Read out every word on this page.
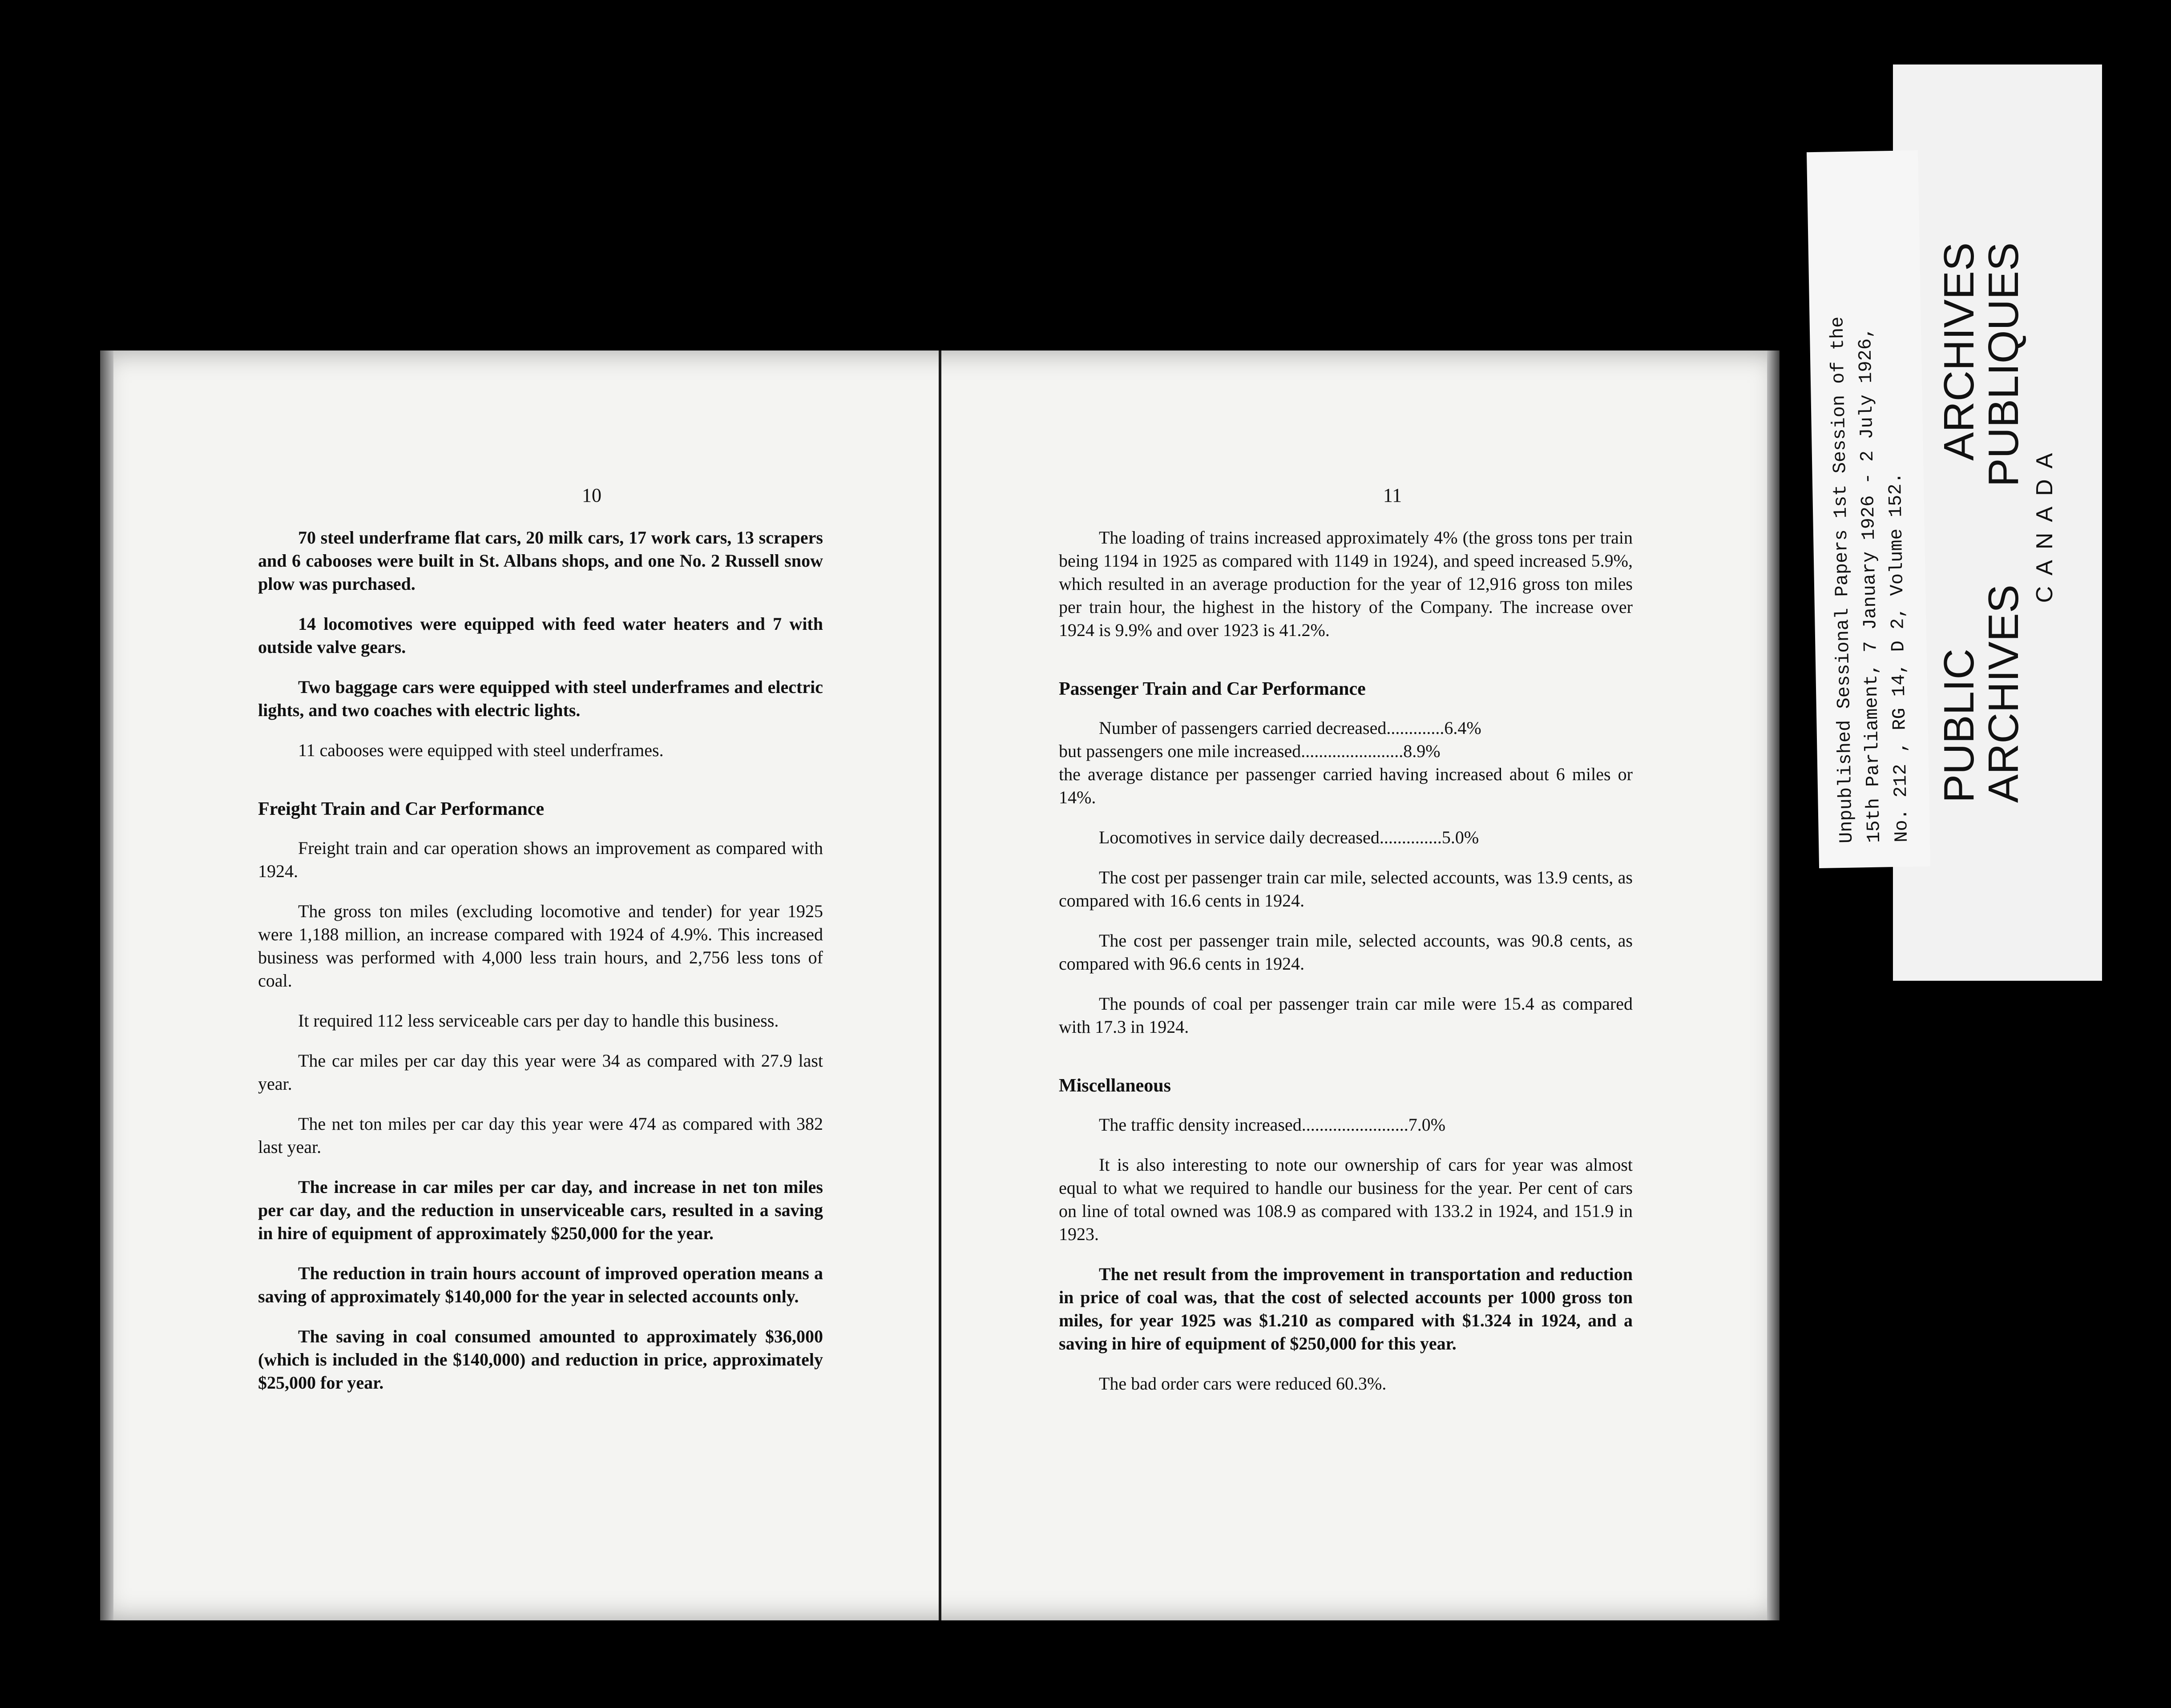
10

70 steel underframe flat cars, 20 milk cars, 17 work cars, 13 scrapers and 6 cabooses were built in St. Albans shops, and one No. 2 Russell snow plow was purchased.

14 locomotives were equipped with feed water heaters and 7 with outside valve gears.

Two baggage cars were equipped with steel underframes and electric lights, and two coaches with electric lights.

11 cabooses were equipped with steel underframes.

Freight Train and Car Performance

Freight train and car operation shows an improvement as compared with 1924.

The gross ton miles (excluding locomotive and tender) for year 1925 were 1,188 million, an increase compared with 1924 of 4.9%. This increased business was performed with 4,000 less train hours, and 2,756 less tons of coal.

It required 112 less serviceable cars per day to handle this business.

The car miles per car day this year were 34 as compared with 27.9 last year.

The net ton miles per car day this year were 474 as compared with 382 last year.

The increase in car miles per car day, and increase in net ton miles per car day, and the reduction in unserviceable cars, resulted in a saving in hire of equipment of approximately $250,000 for the year.

The reduction in train hours account of improved operation means a saving of approximately $140,000 for the year in selected accounts only.

The saving in coal consumed amounted to approximately $36,000 (which is included in the $140,000) and reduction in price, approximately $25,000 for year.

11

The loading of trains increased approximately 4% (the gross tons per train being 1194 in 1925 as compared with 1149 in 1924), and speed increased 5.9%, which resulted in an average production for the year of 12,916 gross ton miles per train hour, the highest in the history of the Company. The increase over 1924 is 9.9% and over 1923 is 41.2%.

Passenger Train and Car Performance

Number of passengers carried decreased.............6.4%

but passengers one mile increased.......................8.9%

the average distance per passenger carried having increased about 6 miles or 14%.

Locomotives in service daily decreased..............5.0%

The cost per passenger train car mile, selected accounts, was 13.9 cents, as compared with 16.6 cents in 1924.

The cost per passenger train mile, selected accounts, was 90.8 cents, as compared with 96.6 cents in 1924.

The pounds of coal per passenger train car mile were 15.4 as compared with 17.3 in 1924.

Miscellaneous

The traffic density increased........................7.0%

It is also interesting to note our ownership of cars for year was almost equal to what we required to handle our business for the year. Per cent of cars on line of total owned was 108.9 as compared with 133.2 in 1924, and 151.9 in 1923.

The net result from the improvement in transportation and reduction in price of coal was, that the cost of selected accounts per 1000 gross ton miles, for year 1925 was $1.210 as compared with $1.324 in 1924, and a saving in hire of equipment of $250,000 for this year.

The bad order cars were reduced 60.3%.

PUBLIC
ARCHIVES
ARCHIVES
PUBLIQUES
CANADA
Unpublished Sessional Papers 1st Session of the
15th Parliament, 7 January 1926 - 2 July 1926, No. 212 , RG 14, D 2, Volume 152.
